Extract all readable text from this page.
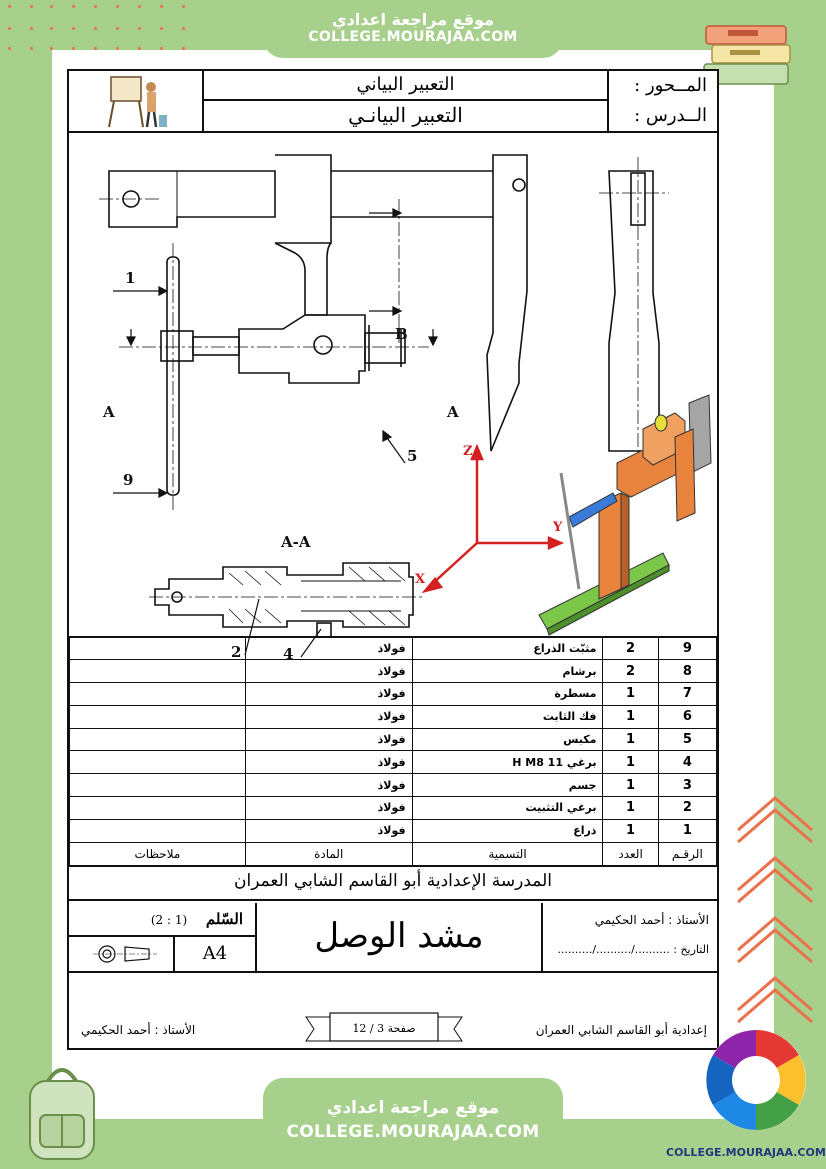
موقع مراجعة اعدادي
COLLEGE.MOURAJAA.COM
التعبير البياني
التعبير البيانـي
المــحور :
الــدرس :
1
9
5
2	4
A	A
B
A-A
Z
Y
X
	فولاذ	مثبّت الذراع	2	9
	فولاذ	برشام	2	8
	فولاذ	مسطرة	1	7
	فولاذ	فك الثابت	1	6
	فولاذ	مكبس	1	5
	فولاذ	برغي H M8 11	1	4
	فولاذ	جسم	1	3
	فولاذ	برغي التثبيت	1	2
	فولاذ	ذراع	1	1
ملاحظات	المادة	التسمية	العدد	الرقـم
المدرسة الإعدادية أبو القاسم الشابي العمران
السّلم (1 : 2)
A4	مشد الوصل	الأستاذ : أحمد الحكيمي
التاريخ : ........../........../..........
الأستاذ : أحمد الحكيمي	صفحة 3 / 12	إعدادية أبو القاسم الشابي العمران
موقع مراجعة اعدادي
COLLEGE.MOURAJAA.COM
COLLEGE.MOURAJAA.COM
